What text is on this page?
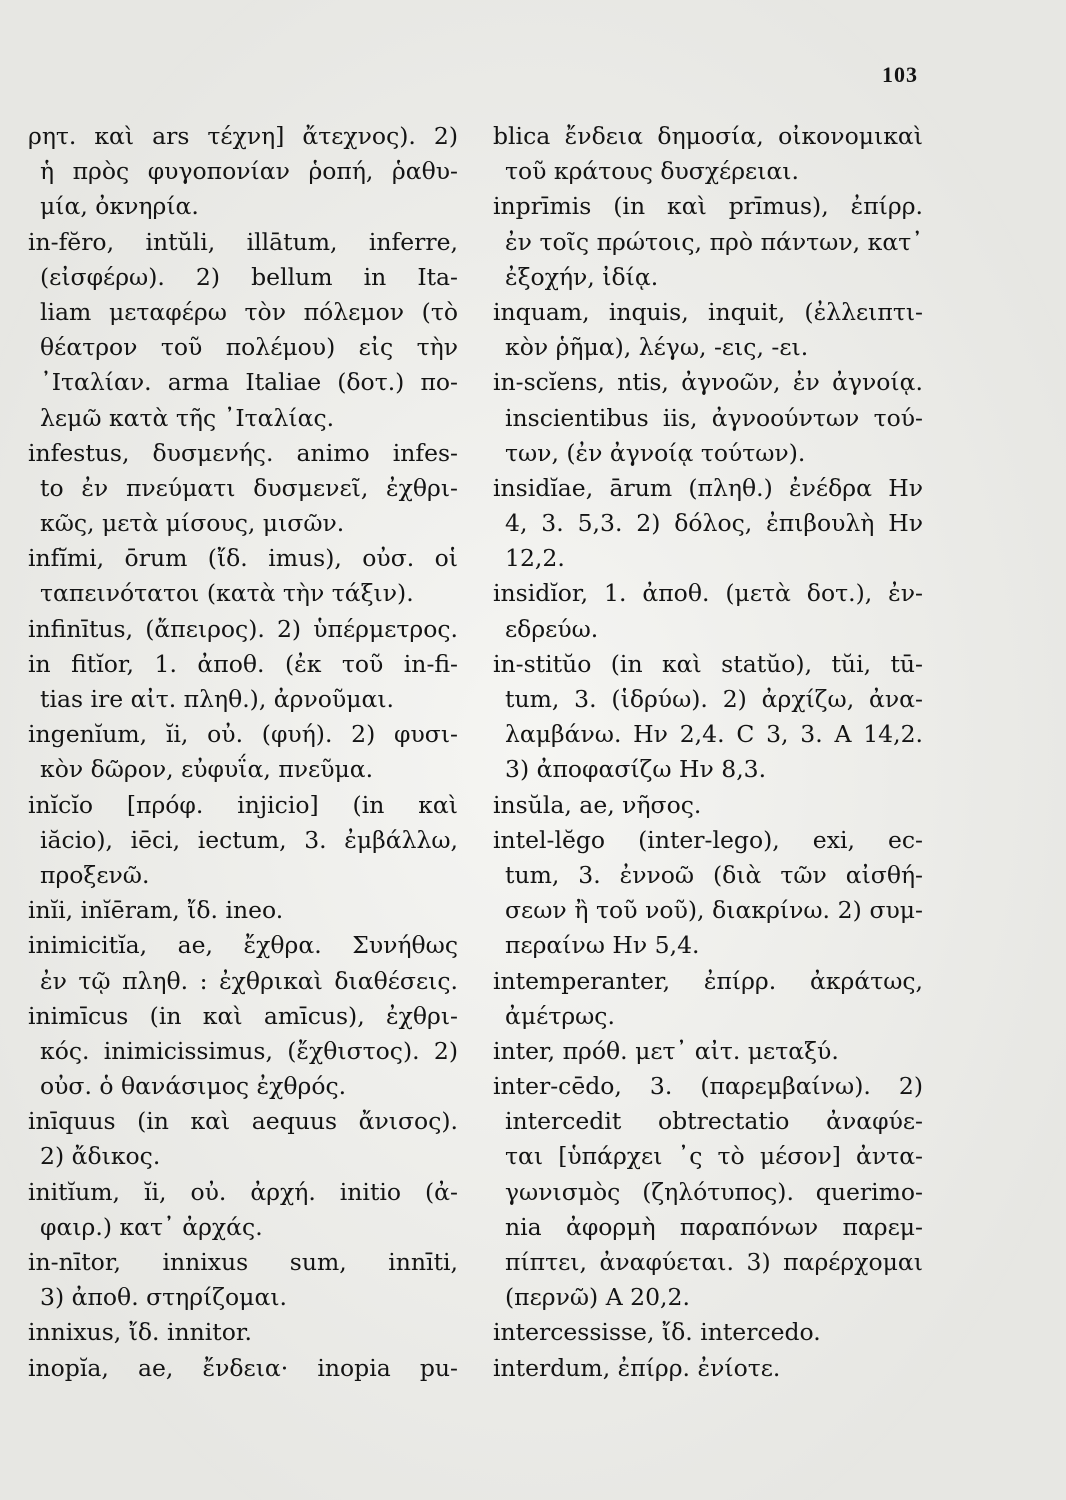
103
ρητ. καὶ ars τέχνη] ἄτεχνος). 2)
ἡ πρὸς φυγοπονίαν ῥοπή, ῥαθυ-
μία, ὀκνηρία.
in-fĕro, intŭli, illātum, inferre,
(εἰσφέρω). 2) bellum in Ita-
liam μεταφέρω τὸν πόλεμον (τὸ
θέατρον τοῦ πολέμου) εἰς τὴν
᾿Ιταλίαν. arma Italiae (δοτ.) πο-
λεμῶ κατὰ τῆς ᾿Ιταλίας.
infestus, δυσμενής. animo infes-
to ἐν πνεύματι δυσμενεῖ, ἐχθρι-
κῶς, μετὰ μίσους, μισῶν.
infĭmi, ōrum (ἴδ. imus), οὐσ. οἱ
ταπεινότατοι (κατὰ τὴν τάξιν).
infinītus, (ἄπειρος). 2) ὑπέρμετρος.
in fitĭor, 1. ἀποθ. (ἐκ τοῦ in-fi-
tias ire αἰτ. πληθ.), ἀρνοῦμαι.
ingenĭum, ĭi, οὐ. (φυή). 2) φυσι-
κὸν δῶρον, εὐφυΐα, πνεῦμα.
inĭcĭo [πρόφ. injicio] (in καὶ
iăcio), iēci, iectum, 3. ἐμβάλλω,
προξενῶ.
inĭi, inĭēram, ἴδ. ineo.
inimicitĭa, ae, ἔχθρα. Συνήθως
ἐν τῷ πληθ. : ἐχθρικαὶ διαθέσεις.
inimīcus (in καὶ amīcus), ἐχθρι-
κός. inimicissimus, (ἔχθιστος). 2)
οὐσ. ὁ θανάσιμος ἐχθρός.
inīquus (in καὶ aequus ἄνισος).
2) ἄδικος.
initĭum, ĭi, οὐ. ἀρχή. initio (ἀ-
φαιρ.) κατ᾿ ἀρχάς.
in-nītor, innixus sum, innīti,
3) ἀποθ. στηρίζομαι.
innixus, ἴδ. innitor.
inopĭa, ae, ἔνδεια· inopia pu-
blica ἔνδεια δημοσία, οἰκονομικαὶ
τοῦ κράτους δυσχέρειαι.
inprīmis (in καὶ prīmus), ἐπίρρ.
ἐν τοῖς πρώτοις, πρὸ πάντων, κατ᾿
ἐξοχήν, ἰδίᾳ.
inquam, inquis, inquit, (ἐλλειπτι-
κὸν ῥῆμα), λέγω, -εις, -ει.
in-scĭens, ntis, ἀγνοῶν, ἐν ἀγνοίᾳ.
inscientibus iis, ἀγνοούντων τού-
των, (ἐν ἀγνοίᾳ τούτων).
insidĭae, ārum (πληθ.) ἐνέδρα Ην
4, 3. 5,3. 2) δόλος, ἐπιβουλὴ Ην
12,2.
insidĭor, 1. ἀποθ. (μετὰ δοτ.), ἐν-
εδρεύω.
in-stitŭo (in καὶ statŭo), tŭi, tū-
tum, 3. (ἱδρύω). 2) ἀρχίζω, ἀνα-
λαμβάνω. Ην 2,4. C 3, 3. A 14,2.
3) ἀποφασίζω Ην 8,3.
insŭla, ae, νῆσος.
intel-lĕgo (inter-lego), exi, ec-
tum, 3. ἐννοῶ (διὰ τῶν αἰσθή-
σεων ἢ τοῦ νοῦ), διακρίνω. 2) συμ-
περαίνω Ην 5,4.
intemperanter, ἐπίρρ. ἀκράτως,
ἀμέτρως.
inter, πρόθ. μετ᾿ αἰτ. μεταξύ.
inter-cēdo, 3. (παρεμβαίνω). 2)
intercedit obtrectatio ἀναφύε-
ται [ὑπάρχει ᾿ς τὸ μέσον] ἀντα-
γωνισμὸς (ζηλότυπος). querimo-
nia ἀφορμὴ παραπόνων παρεμ-
πίπτει, ἀναφύεται. 3) παρέρχομαι
(περνῶ) A 20,2.
intercessisse, ἴδ. intercedo.
interdum, ἐπίρρ. ἐνίοτε.
